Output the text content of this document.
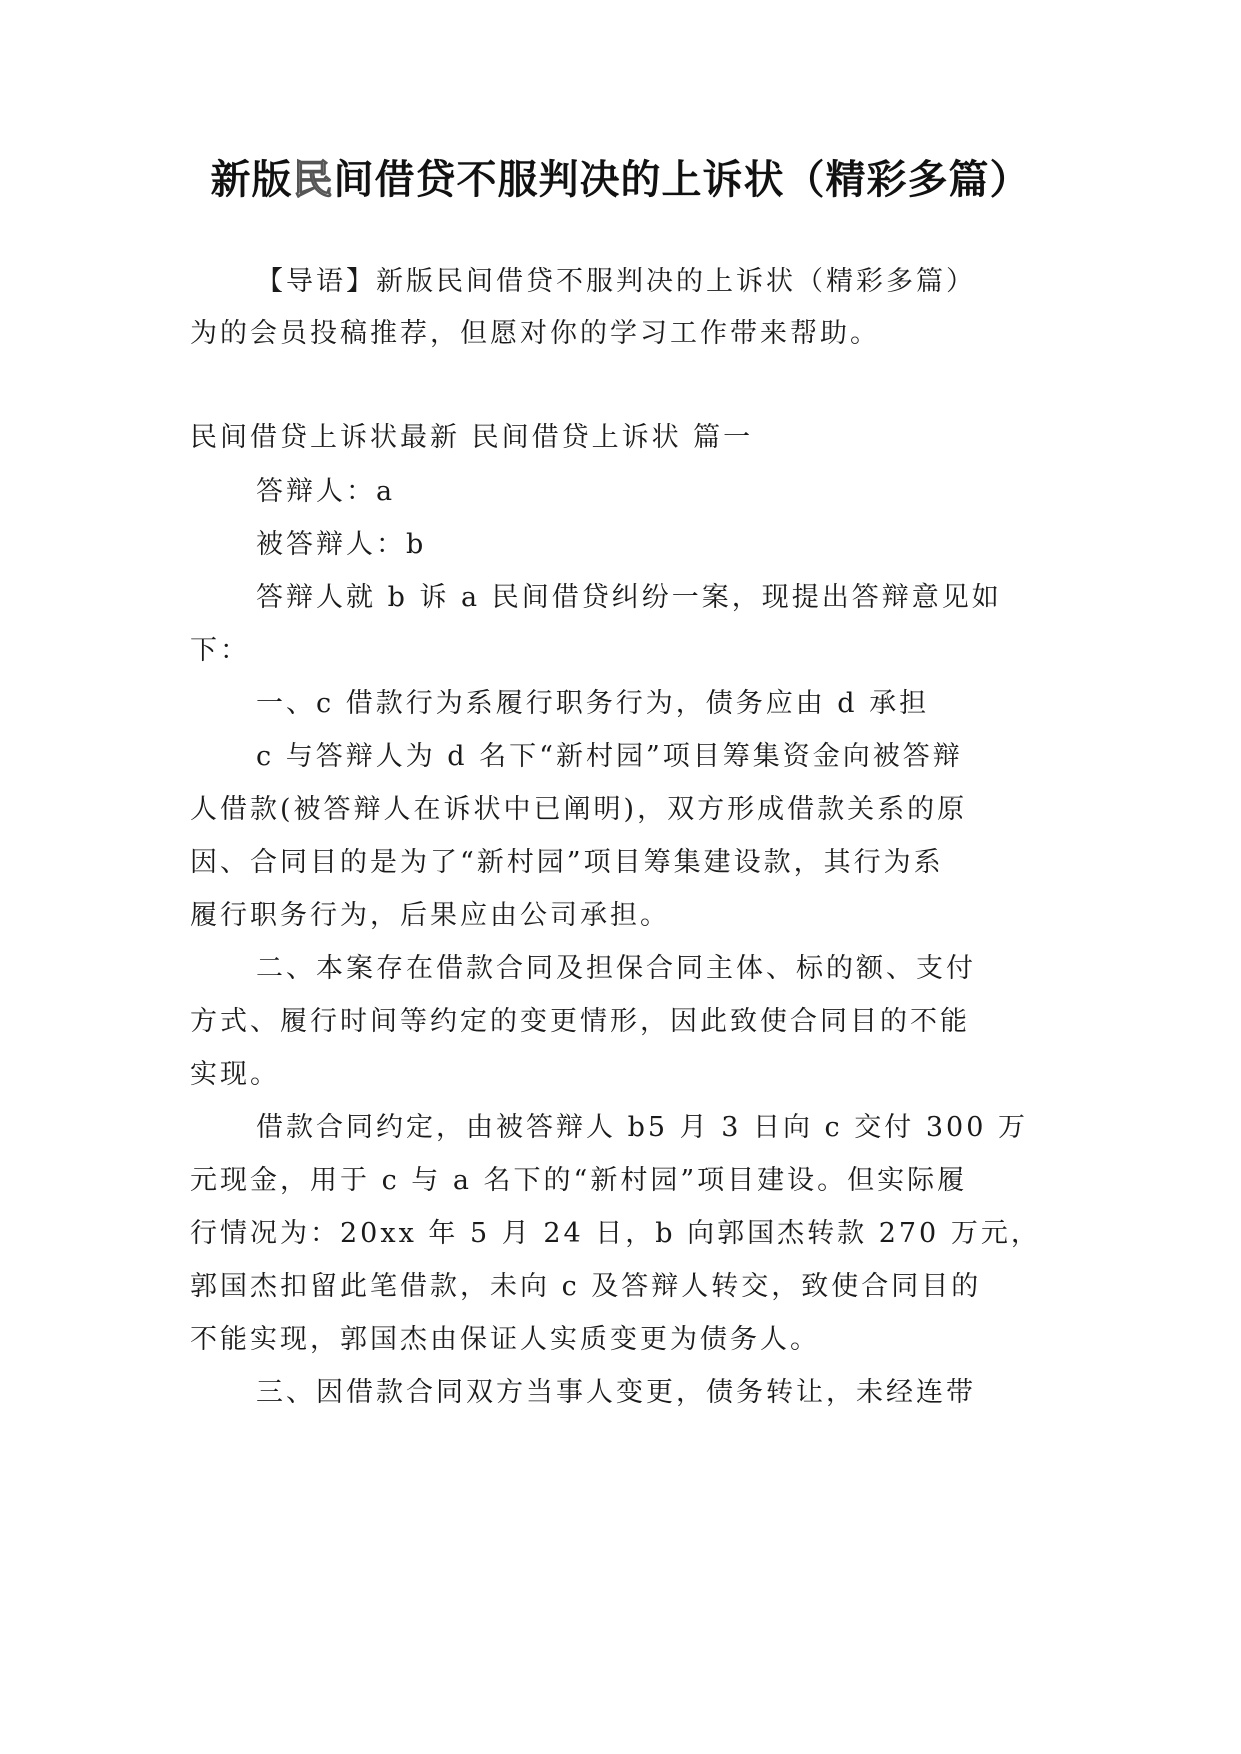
新版民间借贷不服判决的上诉状（精彩多篇）
【导语】新版民间借贷不服判决的上诉状（精彩多篇）
为的会员投稿推荐，但愿对你的学习工作带来帮助。
民间借贷上诉状最新 民间借贷上诉状 篇一
答辩人：a
被答辩人：b
答辩人就 b 诉 a 民间借贷纠纷一案，现提出答辩意见如
下：
一、c 借款行为系履行职务行为，债务应由 d 承担
c 与答辩人为 d 名下“新村园”项目筹集资金向被答辩
人借款(被答辩人在诉状中已阐明)，双方形成借款关系的原
因、合同目的是为了“新村园”项目筹集建设款，其行为系
履行职务行为，后果应由公司承担。
二、本案存在借款合同及担保合同主体、标的额、支付
方式、履行时间等约定的变更情形，因此致使合同目的不能
实现。
借款合同约定，由被答辩人 b5 月 3 日向 c 交付 300 万
元现金，用于 c 与 a 名下的“新村园”项目建设。但实际履
行情况为：20xx 年 5 月 24 日，b 向郭国杰转款 270 万元，
郭国杰扣留此笔借款，未向 c 及答辩人转交，致使合同目的
不能实现，郭国杰由保证人实质变更为债务人。
三、因借款合同双方当事人变更，债务转让，未经连带
